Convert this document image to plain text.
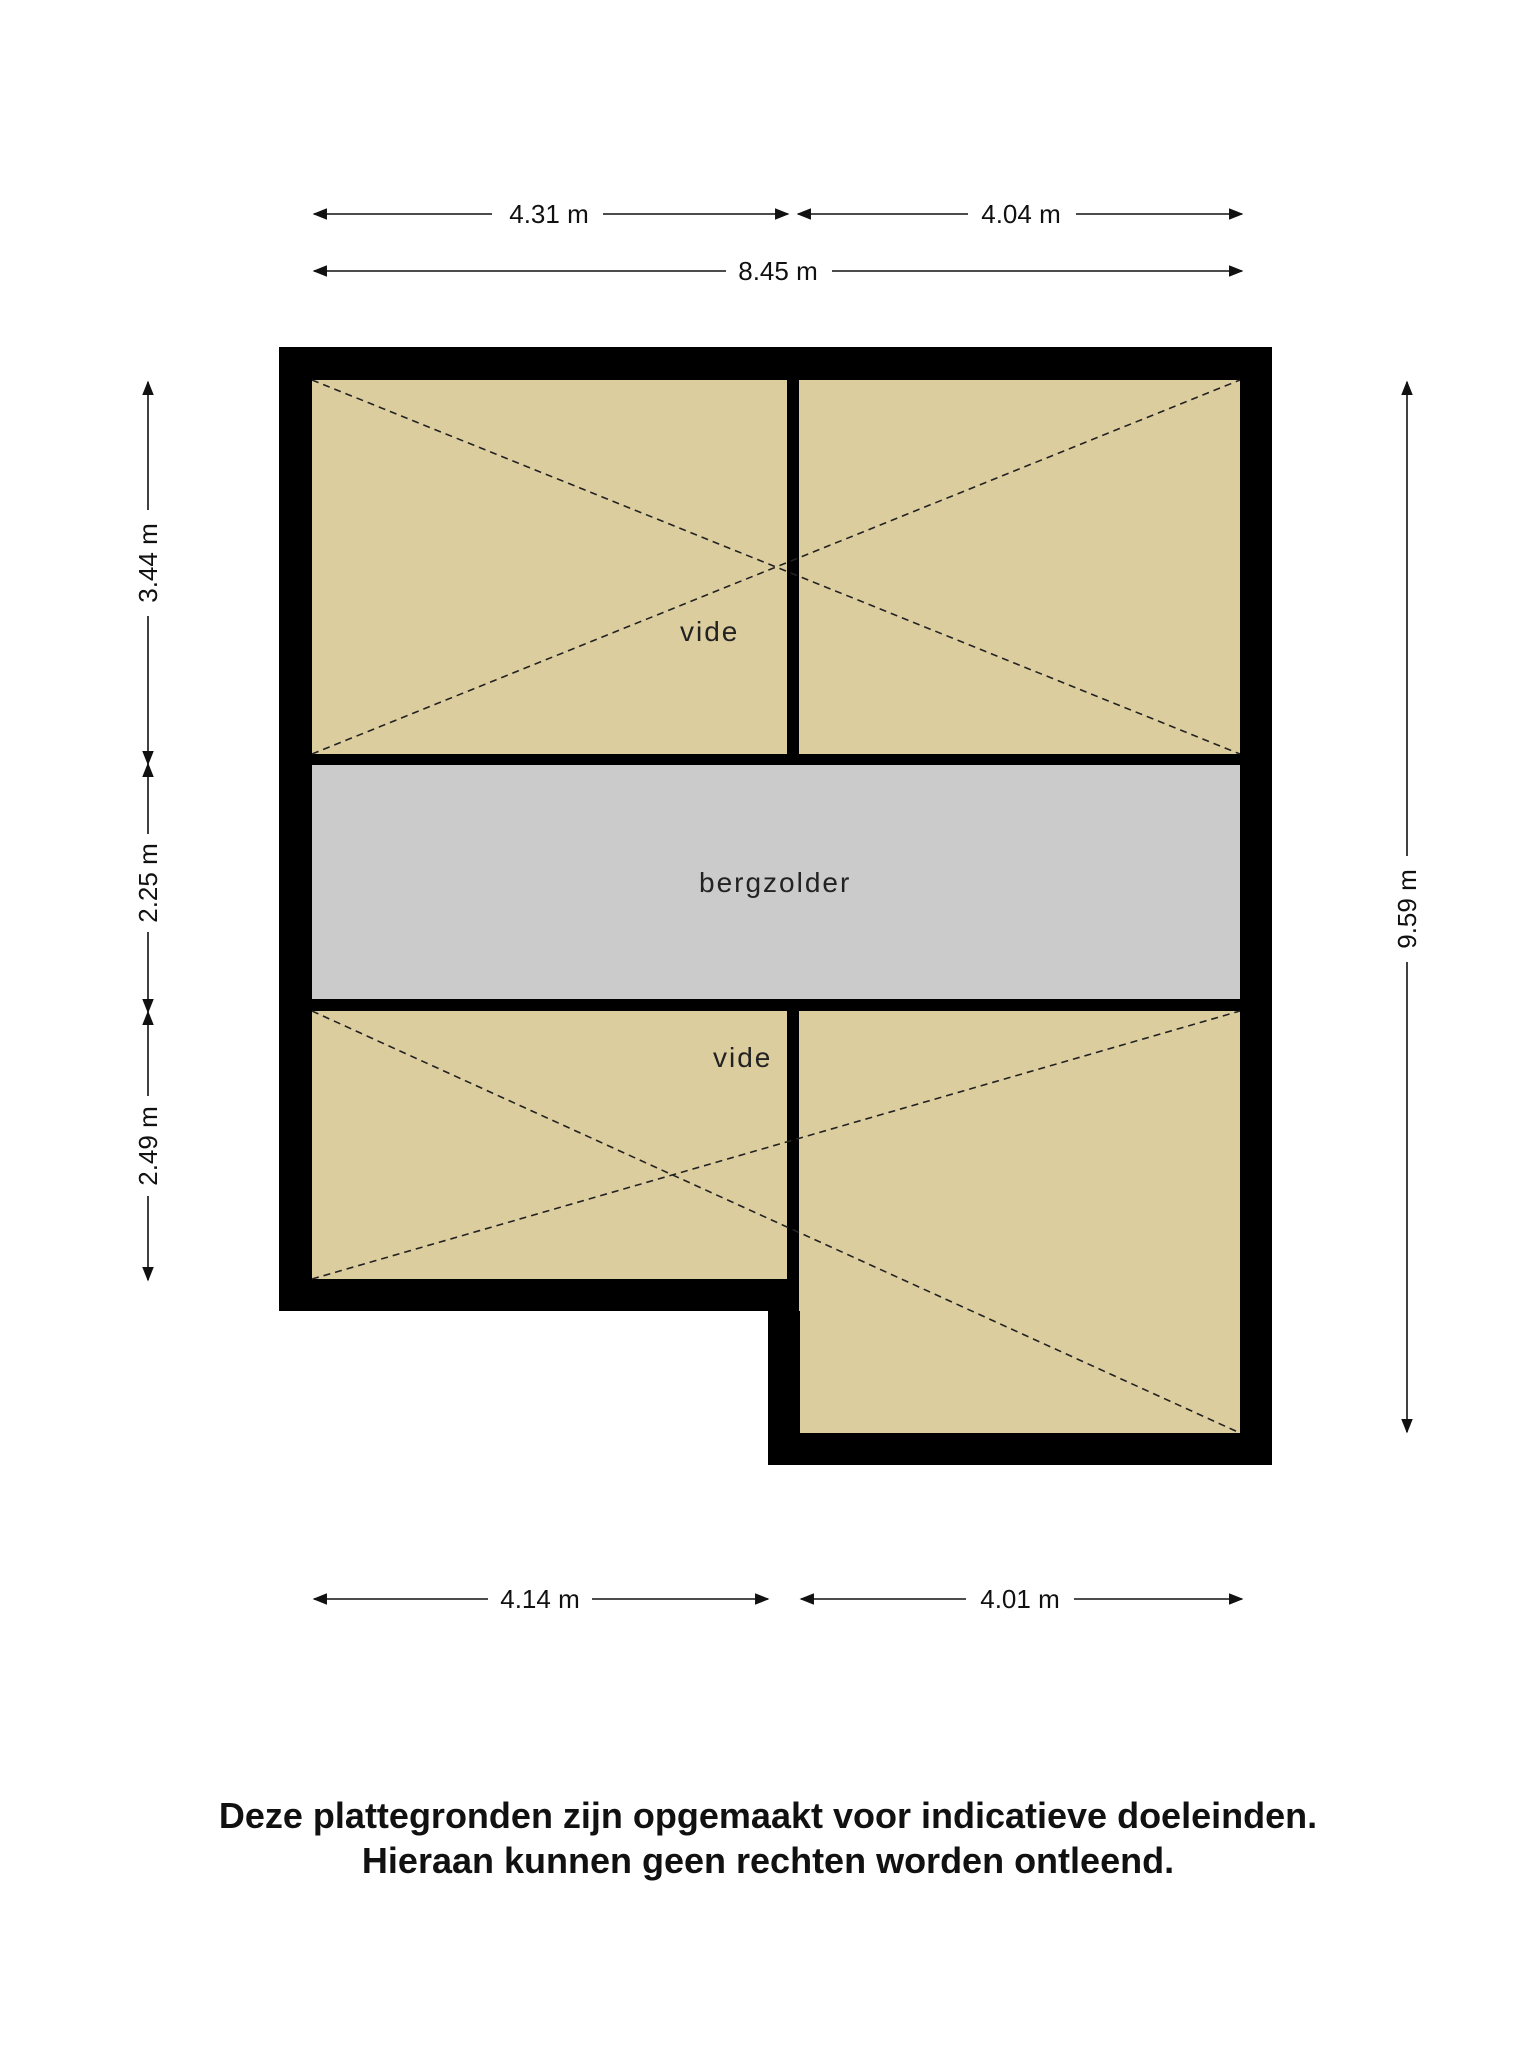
vide
bergzolder
vide
4.31 m	4.04 m
8.45 m
3.44 m
2.25 m
2.49 m
9.59 m
4.14 m	4.01 m
Deze plattegronden zijn opgemaakt voor indicatieve doeleinden.
Hieraan kunnen geen rechten worden ontleend.
